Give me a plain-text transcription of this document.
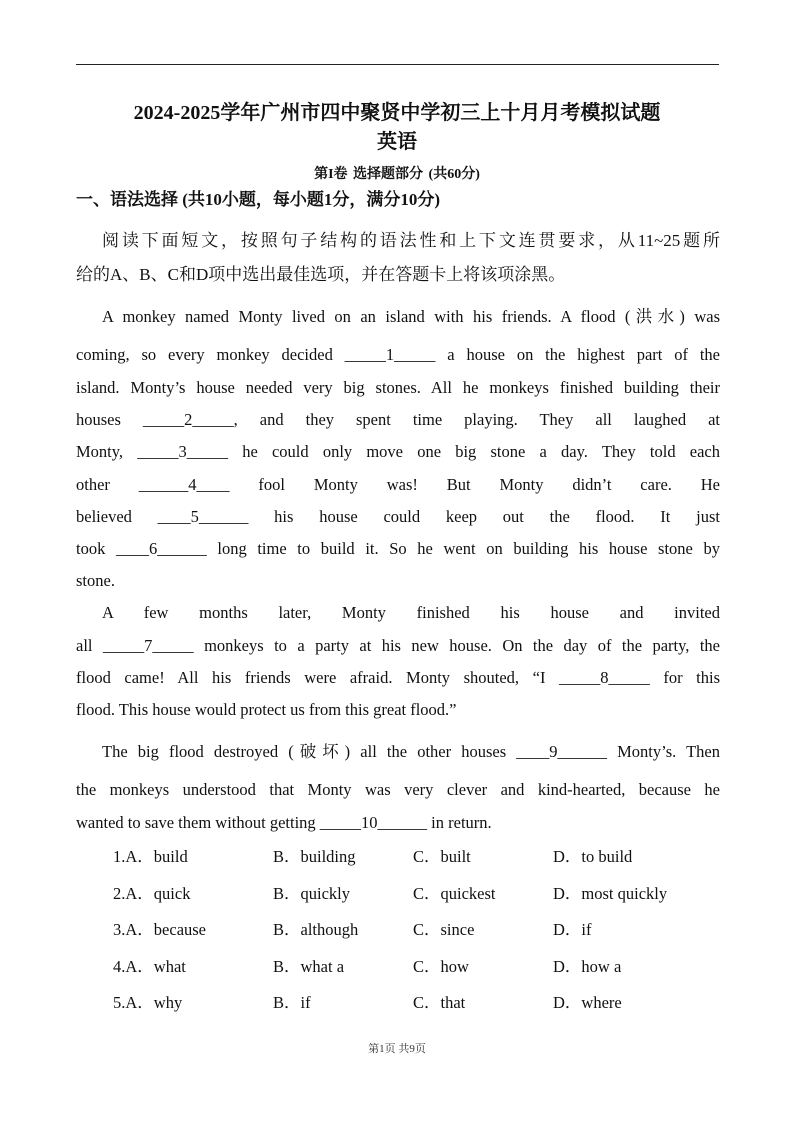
2024-2025学年广州市四中聚贤中学初三上十月月考模拟试题
英语
第I卷 选择题部分 (共60分)
一、语法选择 (共10小题，每小题1分，满分10分)
阅读下面短文，按照句子结构的语法性和上下文连贯要求，从11~25题所
给的A、B、C和D项中选出最佳选项，并在答题卡上将该项涂黑。
A monkey named Monty lived on an island with his friends. A flood (洪水) was
coming, so every monkey decided _____1_____ a house on the highest part of the
island. Monty’s house needed very big stones. All he monkeys finished building their
houses _____2_____, and they spent time playing. They all laughed at
Monty, _____3_____ he could only move one big stone a day. They told each
other ______4____ fool Monty was! But Monty didn’t care. He
believed ____5______ his house could keep out the flood. It just
took ____6______ long time to build it. So he went on building his house stone by
stone.
A few months later, Monty finished his house and invited
all _____7_____ monkeys to a party at his new house. On the day of the party, the
flood came! All his friends were afraid. Monty shouted, “I _____8_____ for this
flood. This house would protect us from this great flood.”
The big flood destroyed (破坏) all the other houses ____9______ Monty’s. Then
the monkeys understood that Monty was very clever and kind-hearted, because he
wanted to save them without getting _____10______ in return.
1.A．build	B．building	C．built	D．to build
2.A．quick	B．quickly	C．quickest	D．most quickly
3.A．because	B．although	C．since	D．if
4.A．what	B．what a	C．how	D．how a
5.A．why	B．if	C．that	D．where
第1页 共9页
